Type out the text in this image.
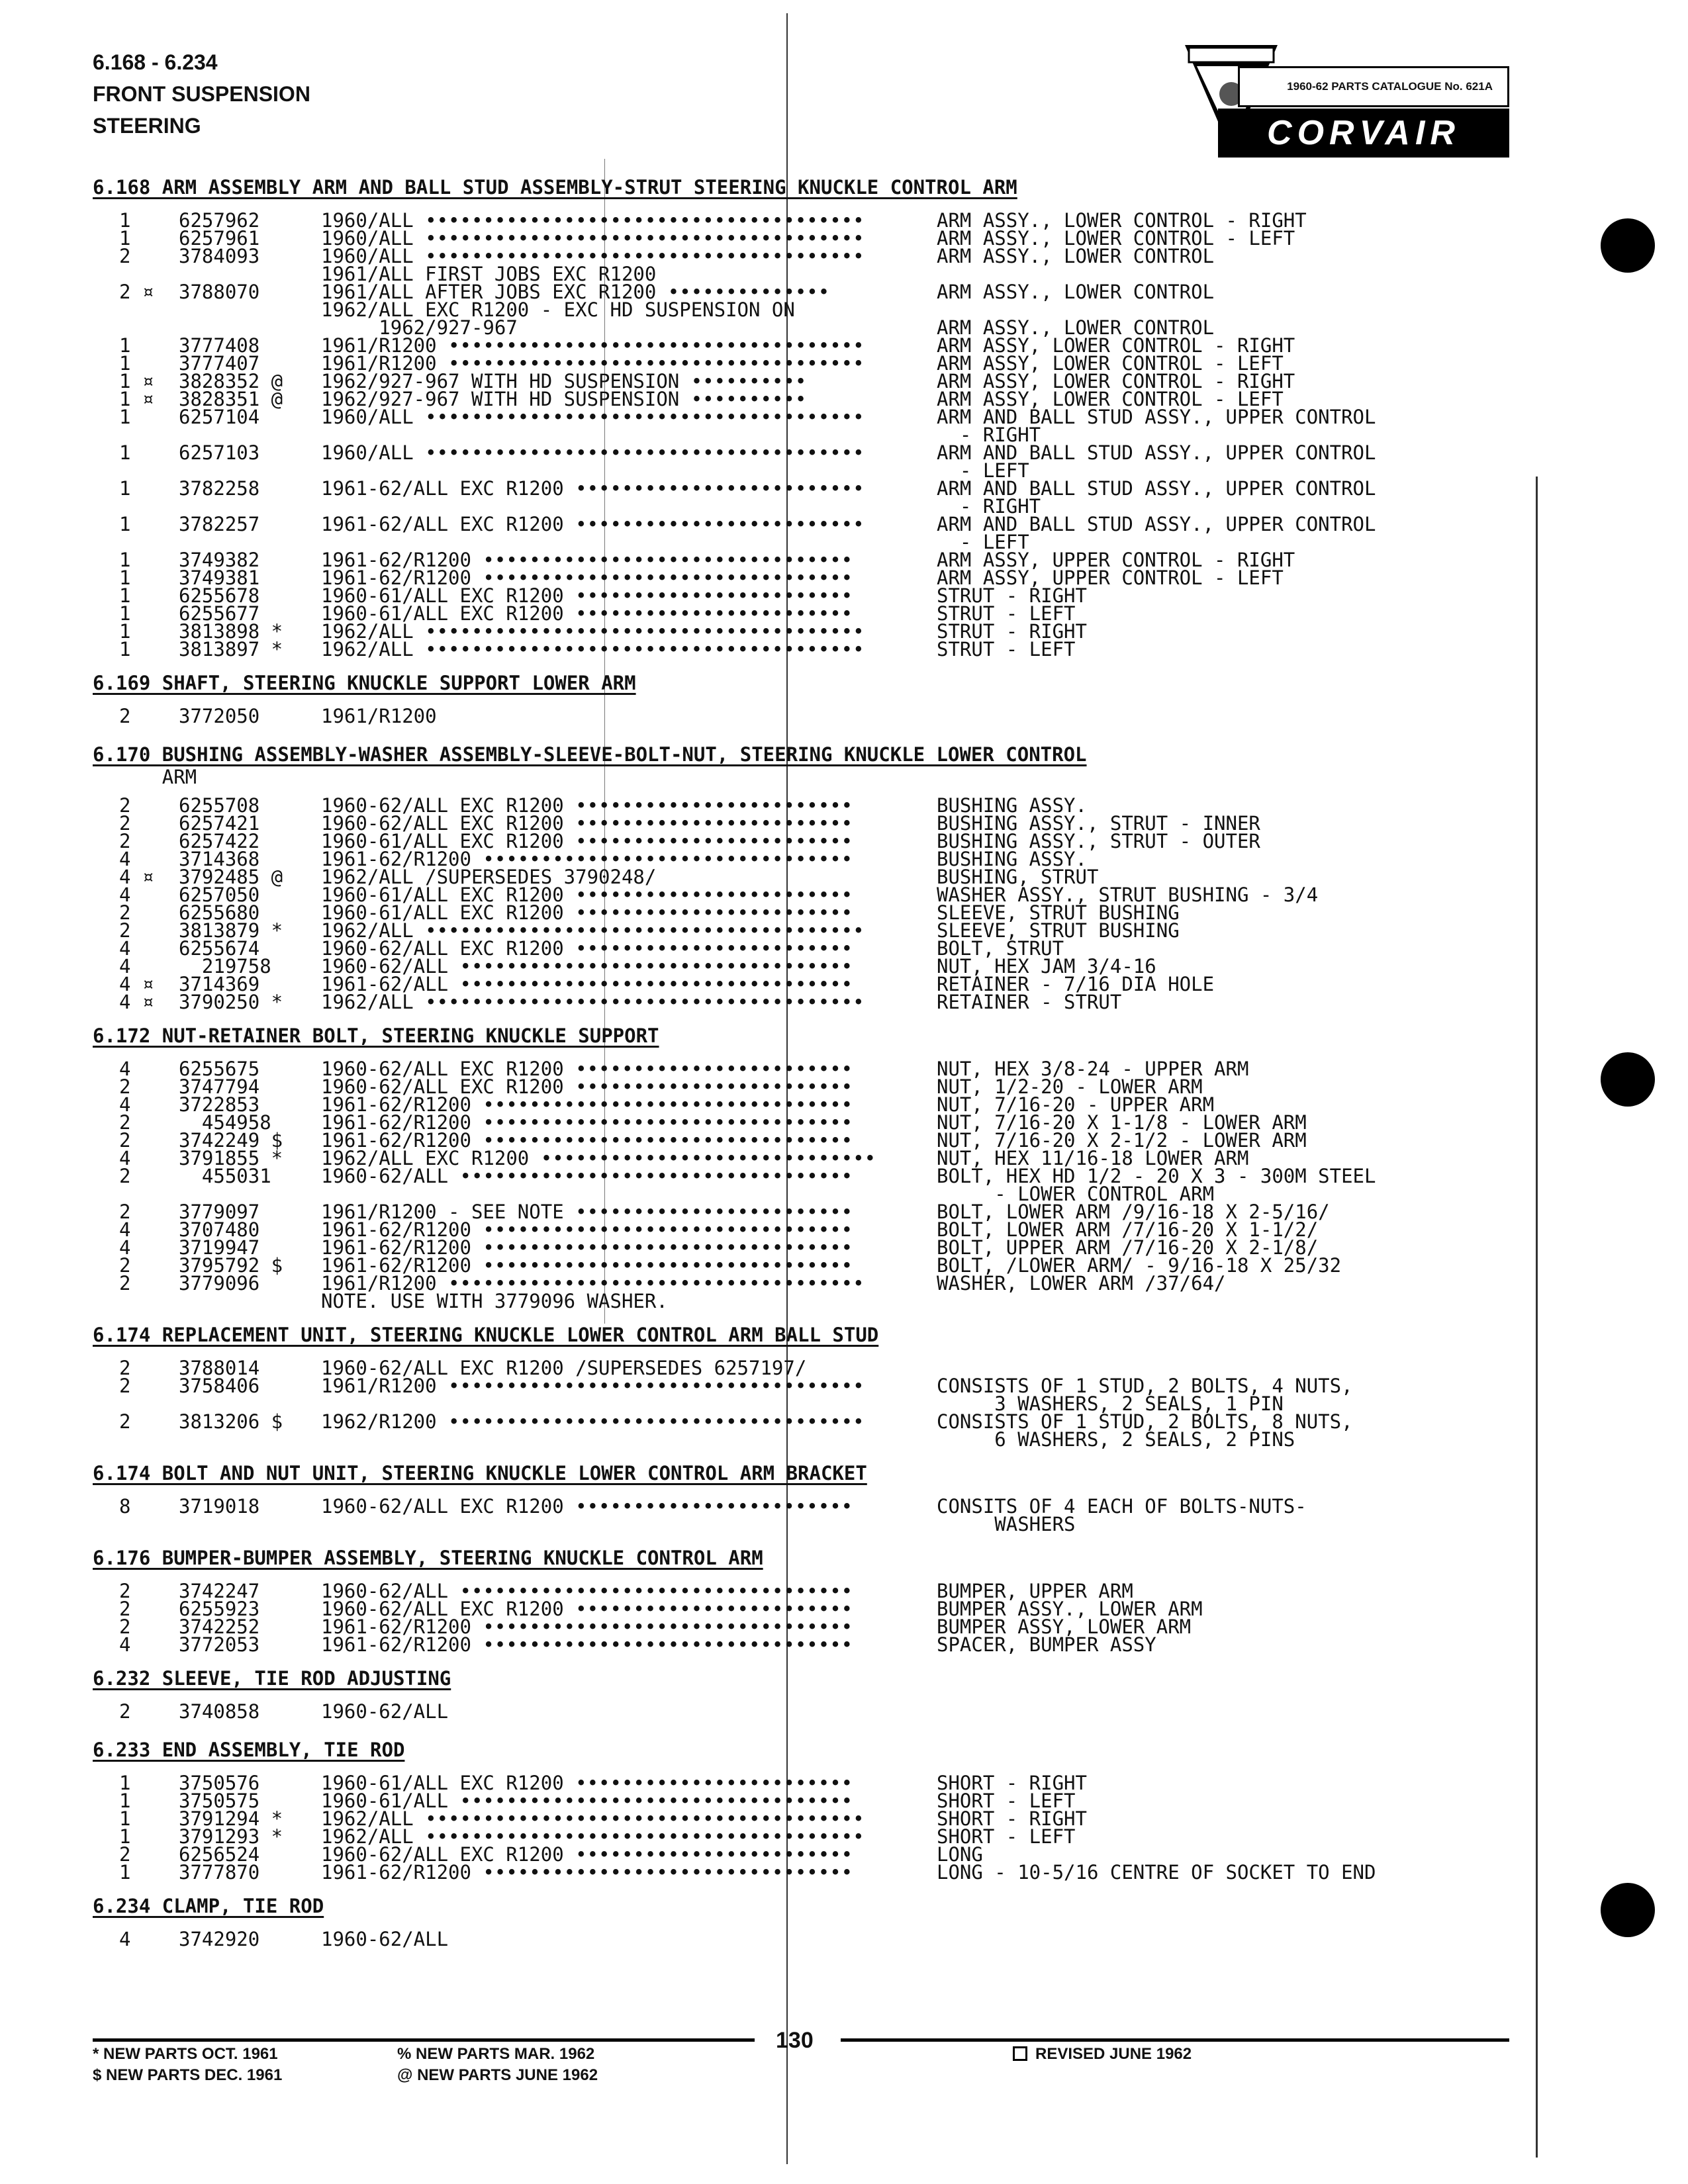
6.168 - 6.234
FRONT SUSPENSION
STEERING
1960-62 PARTS CATALOGUE No. 621A
CORVAIR
6.168 ARM ASSEMBLY ARM AND BALL STUD ASSEMBLY-STRUT STEERING KNUCKLE CONTROL ARM
1	6257962	1960/ALL ••••••••••••••••••••••••••••••••••••••	ARM ASSY., LOWER CONTROL - RIGHT
1	6257961	1960/ALL ••••••••••••••••••••••••••••••••••••••	ARM ASSY., LOWER CONTROL - LEFT
2	3784093	1960/ALL ••••••••••••••••••••••••••••••••••••••	ARM ASSY., LOWER CONTROL
1961/ALL FIRST JOBS EXC R1200
2 ¤ 3788070	1961/ALL AFTER JOBS EXC R1200 ••••••••••••••	ARM ASSY., LOWER CONTROL
1962/ALL EXC R1200 - EXC HD SUSPENSION ON
1962/927-967	ARM ASSY., LOWER CONTROL
1	3777408	1961/R1200 ••••••••••••••••••••••••••••••••••••	ARM ASSY, LOWER CONTROL - RIGHT
1	3777407	1961/R1200 ••••••••••••••••••••••••••••••••••••	ARM ASSY, LOWER CONTROL - LEFT
1 ¤ 3828352 @ 1962/927-967 WITH HD SUSPENSION ••••••••••	ARM ASSY, LOWER CONTROL - RIGHT
1 ¤ 3828351 @ 1962/927-967 WITH HD SUSPENSION ••••••••••	ARM ASSY, LOWER CONTROL - LEFT
1	6257104	1960/ALL ••••••••••••••••••••••••••••••••••••••	ARM AND BALL STUD ASSY., UPPER CONTROL
- RIGHT
1	6257103	1960/ALL ••••••••••••••••••••••••••••••••••••••	ARM AND BALL STUD ASSY., UPPER CONTROL
- LEFT
1	3782258	1961-62/ALL EXC R1200 •••••••••••••••••••••••••	ARM AND BALL STUD ASSY., UPPER CONTROL
- RIGHT
1	3782257	1961-62/ALL EXC R1200 •••••••••••••••••••••••••	ARM AND BALL STUD ASSY., UPPER CONTROL
- LEFT
1	3749382	1961-62/R1200 ••••••••••••••••••••••••••••••••	ARM ASSY, UPPER CONTROL - RIGHT
1	3749381	1961-62/R1200 ••••••••••••••••••••••••••••••••	ARM ASSY, UPPER CONTROL - LEFT
1	6255678	1960-61/ALL EXC R1200 ••••••••••••••••••••••••	STRUT - RIGHT
1	6255677	1960-61/ALL EXC R1200 ••••••••••••••••••••••••	STRUT - LEFT
1	3813898 * 1962/ALL ••••••••••••••••••••••••••••••••••••••	STRUT - RIGHT
1	3813897 * 1962/ALL ••••••••••••••••••••••••••••••••••••••	STRUT - LEFT
6.169 SHAFT, STEERING KNUCKLE SUPPORT LOWER ARM
2	3772050	1961/R1200
6.170 BUSHING ASSEMBLY-WASHER ASSEMBLY-SLEEVE-BOLT-NUT, STEERING KNUCKLE LOWER CONTROL
ARM
2	6255708	1960-62/ALL EXC R1200 ••••••••••••••••••••••••	BUSHING ASSY.
2	6257421	1960-62/ALL EXC R1200 ••••••••••••••••••••••••	BUSHING ASSY., STRUT - INNER
2	6257422	1960-61/ALL EXC R1200 ••••••••••••••••••••••••	BUSHING ASSY., STRUT - OUTER
4	3714368	1961-62/R1200 ••••••••••••••••••••••••••••••••	BUSHING ASSY.
4 ¤ 3792485 @ 1962/ALL /SUPERSEDES 3790248/	BUSHING, STRUT
4	6257050	1960-61/ALL EXC R1200 ••••••••••••••••••••••••	WASHER ASSY., STRUT BUSHING - 3/4
2	6255680	1960-61/ALL EXC R1200 ••••••••••••••••••••••••	SLEEVE, STRUT BUSHING
2	3813879 * 1962/ALL ••••••••••••••••••••••••••••••••••••••	SLEEVE, STRUT BUSHING
4	6255674	1960-62/ALL EXC R1200 ••••••••••••••••••••••••	BOLT, STRUT
4	219758	1960-62/ALL ••••••••••••••••••••••••••••••••••	NUT, HEX JAM 3/4-16
4 ¤ 3714369	1961-62/ALL ••••••••••••••••••••••••••••••••••	RETAINER - 7/16 DIA HOLE
4 ¤ 3790250 * 1962/ALL ••••••••••••••••••••••••••••••••••••••	RETAINER - STRUT
6.172 NUT-RETAINER BOLT, STEERING KNUCKLE SUPPORT
4	6255675	1960-62/ALL EXC R1200 ••••••••••••••••••••••••	NUT, HEX 3/8-24 - UPPER ARM
2	3747794	1960-62/ALL EXC R1200 ••••••••••••••••••••••••	NUT, 1/2-20 - LOWER ARM
4	3722853	1961-62/R1200 ••••••••••••••••••••••••••••••••	NUT, 7/16-20 - UPPER ARM
2	454958	1961-62/R1200 ••••••••••••••••••••••••••••••••	NUT, 7/16-20 X 1-1/8 - LOWER ARM
2	3742249 $ 1961-62/R1200 ••••••••••••••••••••••••••••••••	NUT, 7/16-20 X 2-1/2 - LOWER ARM
4	3791855 * 1962/ALL EXC R1200 •••••••••••••••••••••••••••••	NUT, HEX 11/16-18 LOWER ARM
2	455031	1960-62/ALL ••••••••••••••••••••••••••••••••••	BOLT, HEX HD 1/2 - 20 X 3 - 300M STEEL
- LOWER CONTROL ARM
2	3779097	1961/R1200 - SEE NOTE ••••••••••••••••••••••••	BOLT, LOWER ARM /9/16-18 X 2-5/16/
4	3707480	1961-62/R1200 ••••••••••••••••••••••••••••••••	BOLT, LOWER ARM /7/16-20 X 1-1/2/
4	3719947	1961-62/R1200 ••••••••••••••••••••••••••••••••	BOLT, UPPER ARM /7/16-20 X 2-1/8/
2	3795792 $ 1961-62/R1200 ••••••••••••••••••••••••••••••••	BOLT, /LOWER ARM/ - 9/16-18 X 25/32
2	3779096	1961/R1200 ••••••••••••••••••••••••••••••••••••	WASHER, LOWER ARM /37/64/
NOTE. USE WITH 3779096 WASHER.
6.174 REPLACEMENT UNIT, STEERING KNUCKLE LOWER CONTROL ARM BALL STUD
2	3788014	1960-62/ALL EXC R1200 /SUPERSEDES 6257197/
2	3758406	1961/R1200 ••••••••••••••••••••••••••••••••••••	CONSISTS OF 1 STUD, 2 BOLTS, 4 NUTS,
3 WASHERS, 2 SEALS, 1 PIN
2	3813206 $ 1962/R1200 ••••••••••••••••••••••••••••••••••••	CONSISTS OF 1 STUD, 2 BOLTS, 8 NUTS,
6 WASHERS, 2 SEALS, 2 PINS
6.174 BOLT AND NUT UNIT, STEERING KNUCKLE LOWER CONTROL ARM BRACKET
8	3719018	1960-62/ALL EXC R1200 ••••••••••••••••••••••••	CONSITS OF 4 EACH OF BOLTS-NUTS-
WASHERS
6.176 BUMPER-BUMPER ASSEMBLY, STEERING KNUCKLE CONTROL ARM
2	3742247	1960-62/ALL ••••••••••••••••••••••••••••••••••	BUMPER, UPPER ARM
2	6255923	1960-62/ALL EXC R1200 ••••••••••••••••••••••••	BUMPER ASSY., LOWER ARM
2	3742252	1961-62/R1200 ••••••••••••••••••••••••••••••••	BUMPER ASSY, LOWER ARM
4	3772053	1961-62/R1200 ••••••••••••••••••••••••••••••••	SPACER, BUMPER ASSY
6.232 SLEEVE, TIE ROD ADJUSTING
2	3740858	1960-62/ALL
6.233 END ASSEMBLY, TIE ROD
1	3750576	1960-61/ALL EXC R1200 ••••••••••••••••••••••••	SHORT - RIGHT
1	3750575	1960-61/ALL ••••••••••••••••••••••••••••••••••	SHORT - LEFT
1	3791294 * 1962/ALL ••••••••••••••••••••••••••••••••••••••	SHORT - RIGHT
1	3791293 * 1962/ALL ••••••••••••••••••••••••••••••••••••••	SHORT - LEFT
2	6256524	1960-62/ALL EXC R1200 ••••••••••••••••••••••••	LONG
1	3777870	1961-62/R1200 ••••••••••••••••••••••••••••••••	LONG - 10-5/16 CENTRE OF SOCKET TO END
6.234 CLAMP, TIE ROD
4	3742920	1960-62/ALL
130
* NEW PARTS OCT. 1961
$ NEW PARTS DEC. 1961
% NEW PARTS MAR. 1962
@ NEW PARTS JUNE 1962
REVISED JUNE 1962
